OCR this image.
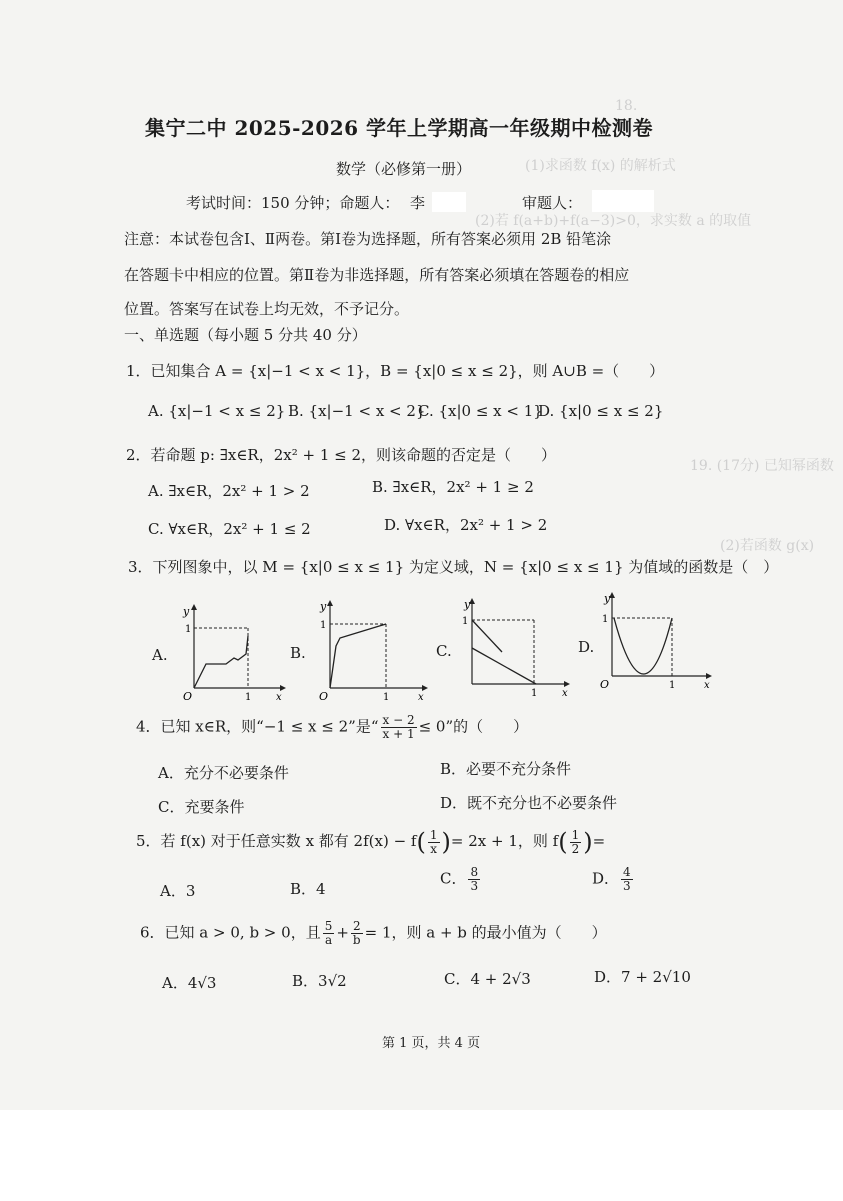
18.
(1)求函数 f(x) 的解析式
(2)若 f(a+b)+f(a−3)>0，求实数 a 的取值
19. (17分) 已知幂函数
(2)若函数 g(x)
集宁二中 2025-2026 学年上学期高一年级期中检测卷
数学（必修第一册）
考试时间：150 分钟；命题人： 李	审题人：
注意：本试卷包含Ⅰ、Ⅱ两卷。第Ⅰ卷为选择题，所有答案必须用 2B 铅笔涂
在答题卡中相应的位置。第Ⅱ卷为非选择题，所有答案必须填在答题卷的相应
位置。答案写在试卷上均无效，不予记分。
一、单选题（每小题 5 分共 40 分）
1．已知集合 A = {x|−1 < x < 1}，B = {x|0 ≤ x ≤ 2}，则 A∪B =（　　）
A. {x|−1 < x ≤ 2} B. {x|−1 < x < 2}
C. {x|0 ≤ x < 1}
D. {x|0 ≤ x ≤ 2}
2．若命题 p: ∃x∈R，2x² + 1 ≤ 2，则该命题的否定是（　　）
A. ∃x∈R，2x² + 1 > 2	B. ∃x∈R，2x² + 1 ≥ 2
C. ∀x∈R，2x² + 1 ≤ 2	D. ∀x∈R，2x² + 1 > 2
3．下列图象中，以 M = {x|0 ≤ x ≤ 1} 为定义域，N = {x|0 ≤ x ≤ 1} 为值域的函数是（　）
A.
y
x
1
O	1
B.
y
x
1
O	1
C.
y
x
1
1
D.
y
x
1
O	1
4．已知 x∈R，则“−1 ≤ x ≤ 2”是“ $\frac{x - 2}{x + 1} \le 0$”的（　　）
A．充分不必要条件	B．必要不充分条件
C．充要条件	D．既不充分也不必要条件
5．若 f(x) 对于任意实数 x 都有 $2f(x) - f( \frac{1}{x}$ )= 2x + 1，则 $f( \frac{1}{2}$ )=
A．3	B．4
C． $\frac{8}{3}$	D． $\frac{4}{3}$
6．已知 a > 0, b > 0，且 $\frac{5}{a} + \frac{2}{b} = 1$，则 a + b 的最小值为（　　）
A．4√3	B．3√2	C．4 + 2√3	D．7 + 2√10
第 1 页，共 4 页
